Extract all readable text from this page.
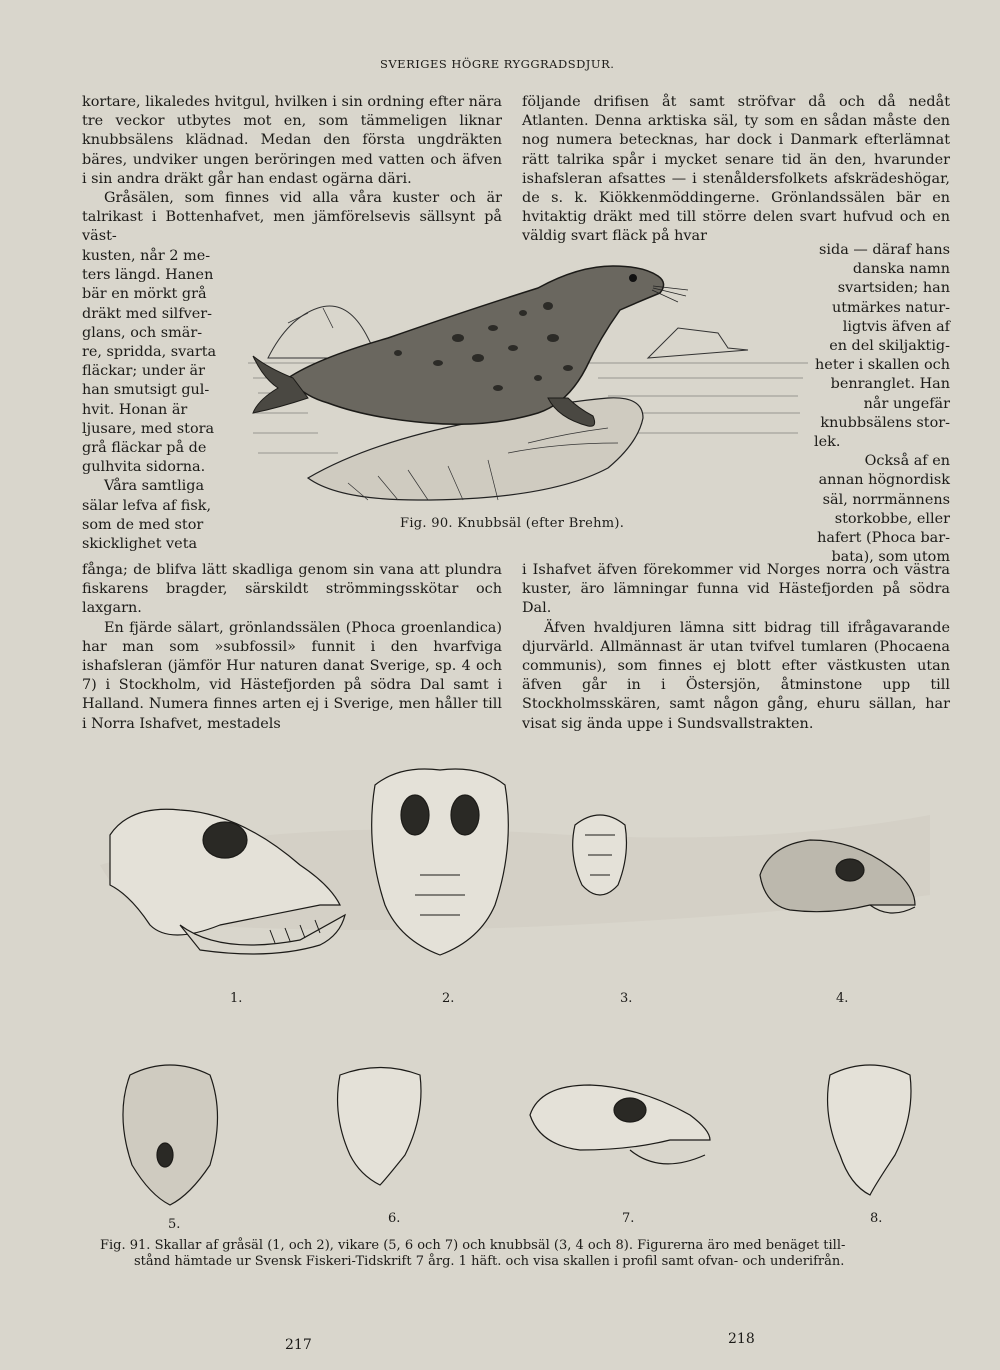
SVERIGES HÖGRE RYGGRADSDJUR.

kortare, likaledes hvitgul, hvilken i sin ordning efter nära tre veckor utbytes mot en, som tämmeligen liknar knubbsälens klädnad. Medan den första ungdräkten bäres, undviker ungen beröringen med vatten och äfven i sin andra dräkt går han endast ogärna däri.

Gråsälen, som finnes vid alla våra kuster och är talrikast i Bottenhafvet, men jämförelsevis sällsynt på väst-

kusten, når 2 me-
ters längd. Hanen
bär en mörkt grå
dräkt med silfver-
glans, och smär-
re, spridda, svarta
fläckar; under är
han smutsigt gul-
hvit. Honan är
ljusare, med stora
grå fläckar på de
gulhvita sidorna.
Våra samtliga
sälar lefva af fisk,
som de med stor
skicklighet veta
Fig. 90. Knubbsäl (efter Brehm).

följande drifisen åt samt ströfvar då och då nedåt Atlanten. Denna arktiska säl, ty som en sådan måste den nog numera betecknas, har dock i Danmark efterlämnat rätt talrika spår i mycket senare tid än den, hvarunder ishafsleran afsattes — i stenåldersfolkets afskrädeshögar, de s. k. Kiökkenmöddingerne. Grönlandssälen bär en hvitaktig dräkt med till större delen svart hufvud och en väldig svart fläck på hvar

sida — däraf hans
danska namn
svartsiden; han
utmärkes natur-
ligtvis äfven af
en del skiljaktig-
heter i skallen och
benranglet. Han
når ungefär
knubbsälens stor-
lek.
Också af en
annan högnordisk
säl, norrmännens
storkobbe, eller
hafert (Phoca bar-
bata), som utom

fånga; de blifva lätt skadliga genom sin vana att plundra fiskarens bragder, särskildt strömmingsskötar och laxgarn.

En fjärde sälart, grönlandssälen (Phoca groenlandica) har man som »subfossil» funnit i den hvarfviga ishafsleran (jämför Hur naturen danat Sverige, sp. 4 och 7) i Stockholm, vid Hästefjorden på södra Dal samt i Halland. Numera finnes arten ej i Sverige, men håller till i Norra Ishafvet, mestadels

i Ishafvet äfven förekommer vid Norges norra och västra kuster, äro lämningar funna vid Hästefjorden på södra Dal.

Äfven hvaldjuren lämna sitt bidrag till ifrågavarande djurvärld. Allmännast är utan tvifvel tumlaren (Phocaena communis), som finnes ej blott efter västkusten utan äfven går in i Östersjön, åtminstone upp till Stockholmsskären, samt någon gång, ehuru sällan, har visat sig ända uppe i Sundsvallstrakten.

1.	2.	3.	4.
5.	6.	7.	8.
Fig. 91. Skallar af gråsäl (1, och 2), vikare (5, 6 och 7) och knubbsäl (3, 4 och 8). Figurerna äro med benäget till-
stånd hämtade ur Svensk Fiskeri-Tidskrift 7 årg. 1 häft. och visa skallen i profil samt ofvan- och underifrån.
217	218
